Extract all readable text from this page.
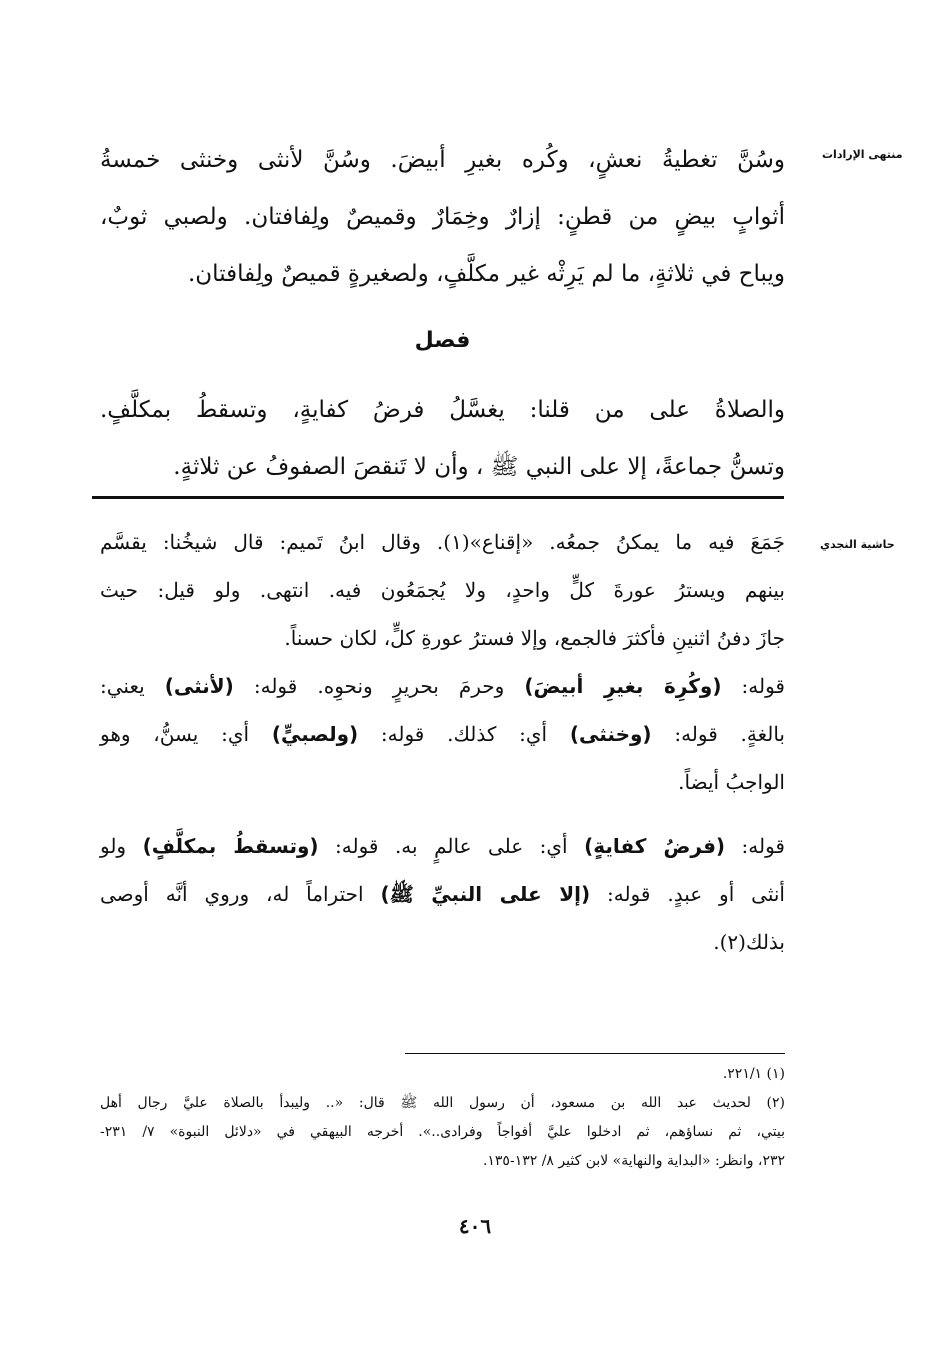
منتهى الإرادات
حاشية النجدي
وسُنَّ تغطيةُ نعشٍ، وكُره بغيرِ أبيضَ. وسُنَّ لأنثى وخنثى خمسةُ
أثوابٍ بيضٍ من قطنٍ: إزارٌ وخِمَارٌ وقميصٌ ولِفافتان. ولصبي ثوبٌ،
ويباح في ثلاثةٍ، ما لم يَرِثْه غير مكلَّفٍ، ولصغيرةٍ قميصٌ ولِفافتان.
فصل
والصلاةُ على من قلنا: يغسَّلُ فرضُ كفايةٍ، وتسقطُ بمكلَّفٍ.
وتسنُّ جماعةً، إلا على النبي ﷺ ، وأن لا تَنقصَ الصفوفُ عن ثلاثةٍ.
جَمَعَ فيه ما يمكنُ جمعُه. «إقناع»(١). وقال ابنُ تَميم: قال شيخُنا: يقسَّم
بينهم ويسترُ عورةَ كلٍّ واحدٍ، ولا يُجمَعُون فيه. انتهى. ولو قيل: حيث
جازَ دفنُ اثنينِ فأكثرَ فالجمع، وإلا فسترُ عورةِ كلٍّ، لكان حسناً.
قوله: (وكُرِهَ بغيرِ أبيضَ) وحرمَ بحريرٍ ونحوِه. قوله: (لأنثى) يعني:
بالغةٍ. قوله: (وخنثى) أي: كذلك. قوله: (ولصبيٍّ) أي: يسنُّ، وهو
الواجبُ أيضاً.
قوله: (فرضُ كفايةٍ) أي: على عالمٍ به. قوله: (وتسقطُ بمكلَّفٍ) ولو
أنثى أو عبدٍ. قوله: (إلا على النبيِّ ﷺ) احتراماً له، وروي أنَّه أوصى
بذلك(٢).
(١) ٢٢١/١.
(٢) لحديث عبد الله بن مسعود، أن رسول الله ﷺ قال: «.. وليبدأ بالصلاة عليَّ رجال أهل
بيتي، ثم نساؤهم، ثم ادخلوا عليَّ أفواجاً وفرادى..». أخرجه البيهقي في «دلائل النبوة» ٧/ ٢٣١-
٢٣٢، وانظر: «البداية والنهاية» لابن كثير ٨/ ١٣٢-١٣٥.
٤٠٦
